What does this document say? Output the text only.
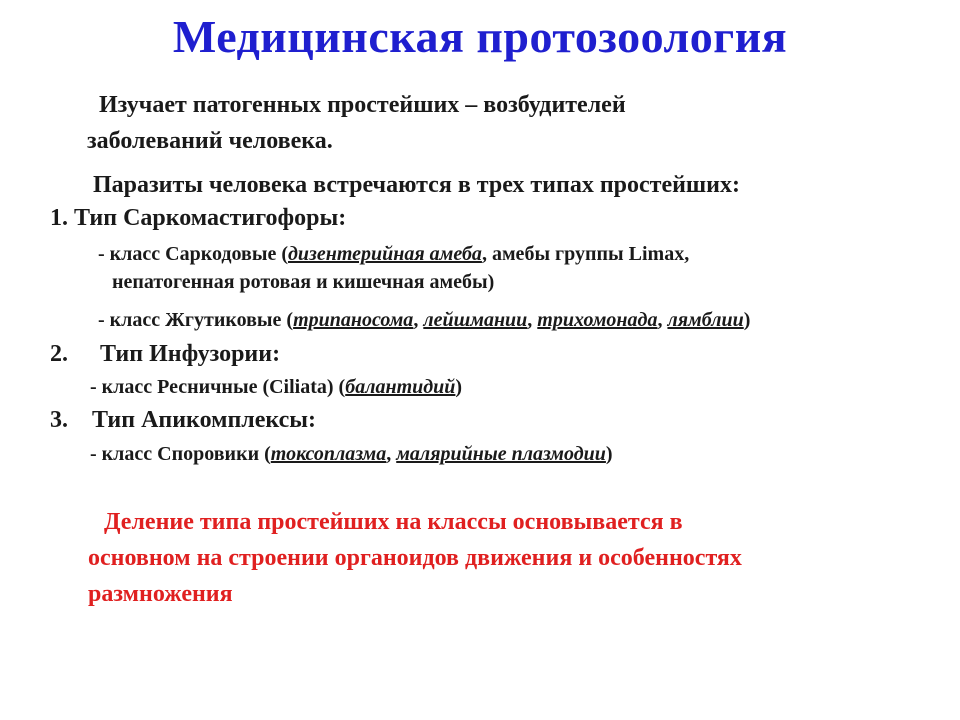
Медицинская протозоология
Изучает патогенных простейших – возбудителей
заболеваний человека.
Паразиты человека встречаются в трех типах простейших:
1. Тип Саркомастигофоры:
- класс Саркодовые (дизентерийная амеба, амебы группы Limax,
непатогенная ротовая и кишечная амебы)
- класс Жгутиковые (трипаносома, лейшмании, трихомонада, лямблии)
2. Тип Инфузории:
- класс Ресничные (Ciliata) (балантидий)
3. Тип Апикомплексы:
- класс Споровики (токсоплазма, малярийные плазмодии)
Деление типа простейших на классы основывается в
основном на строении органоидов движения и особенностях
размножения
